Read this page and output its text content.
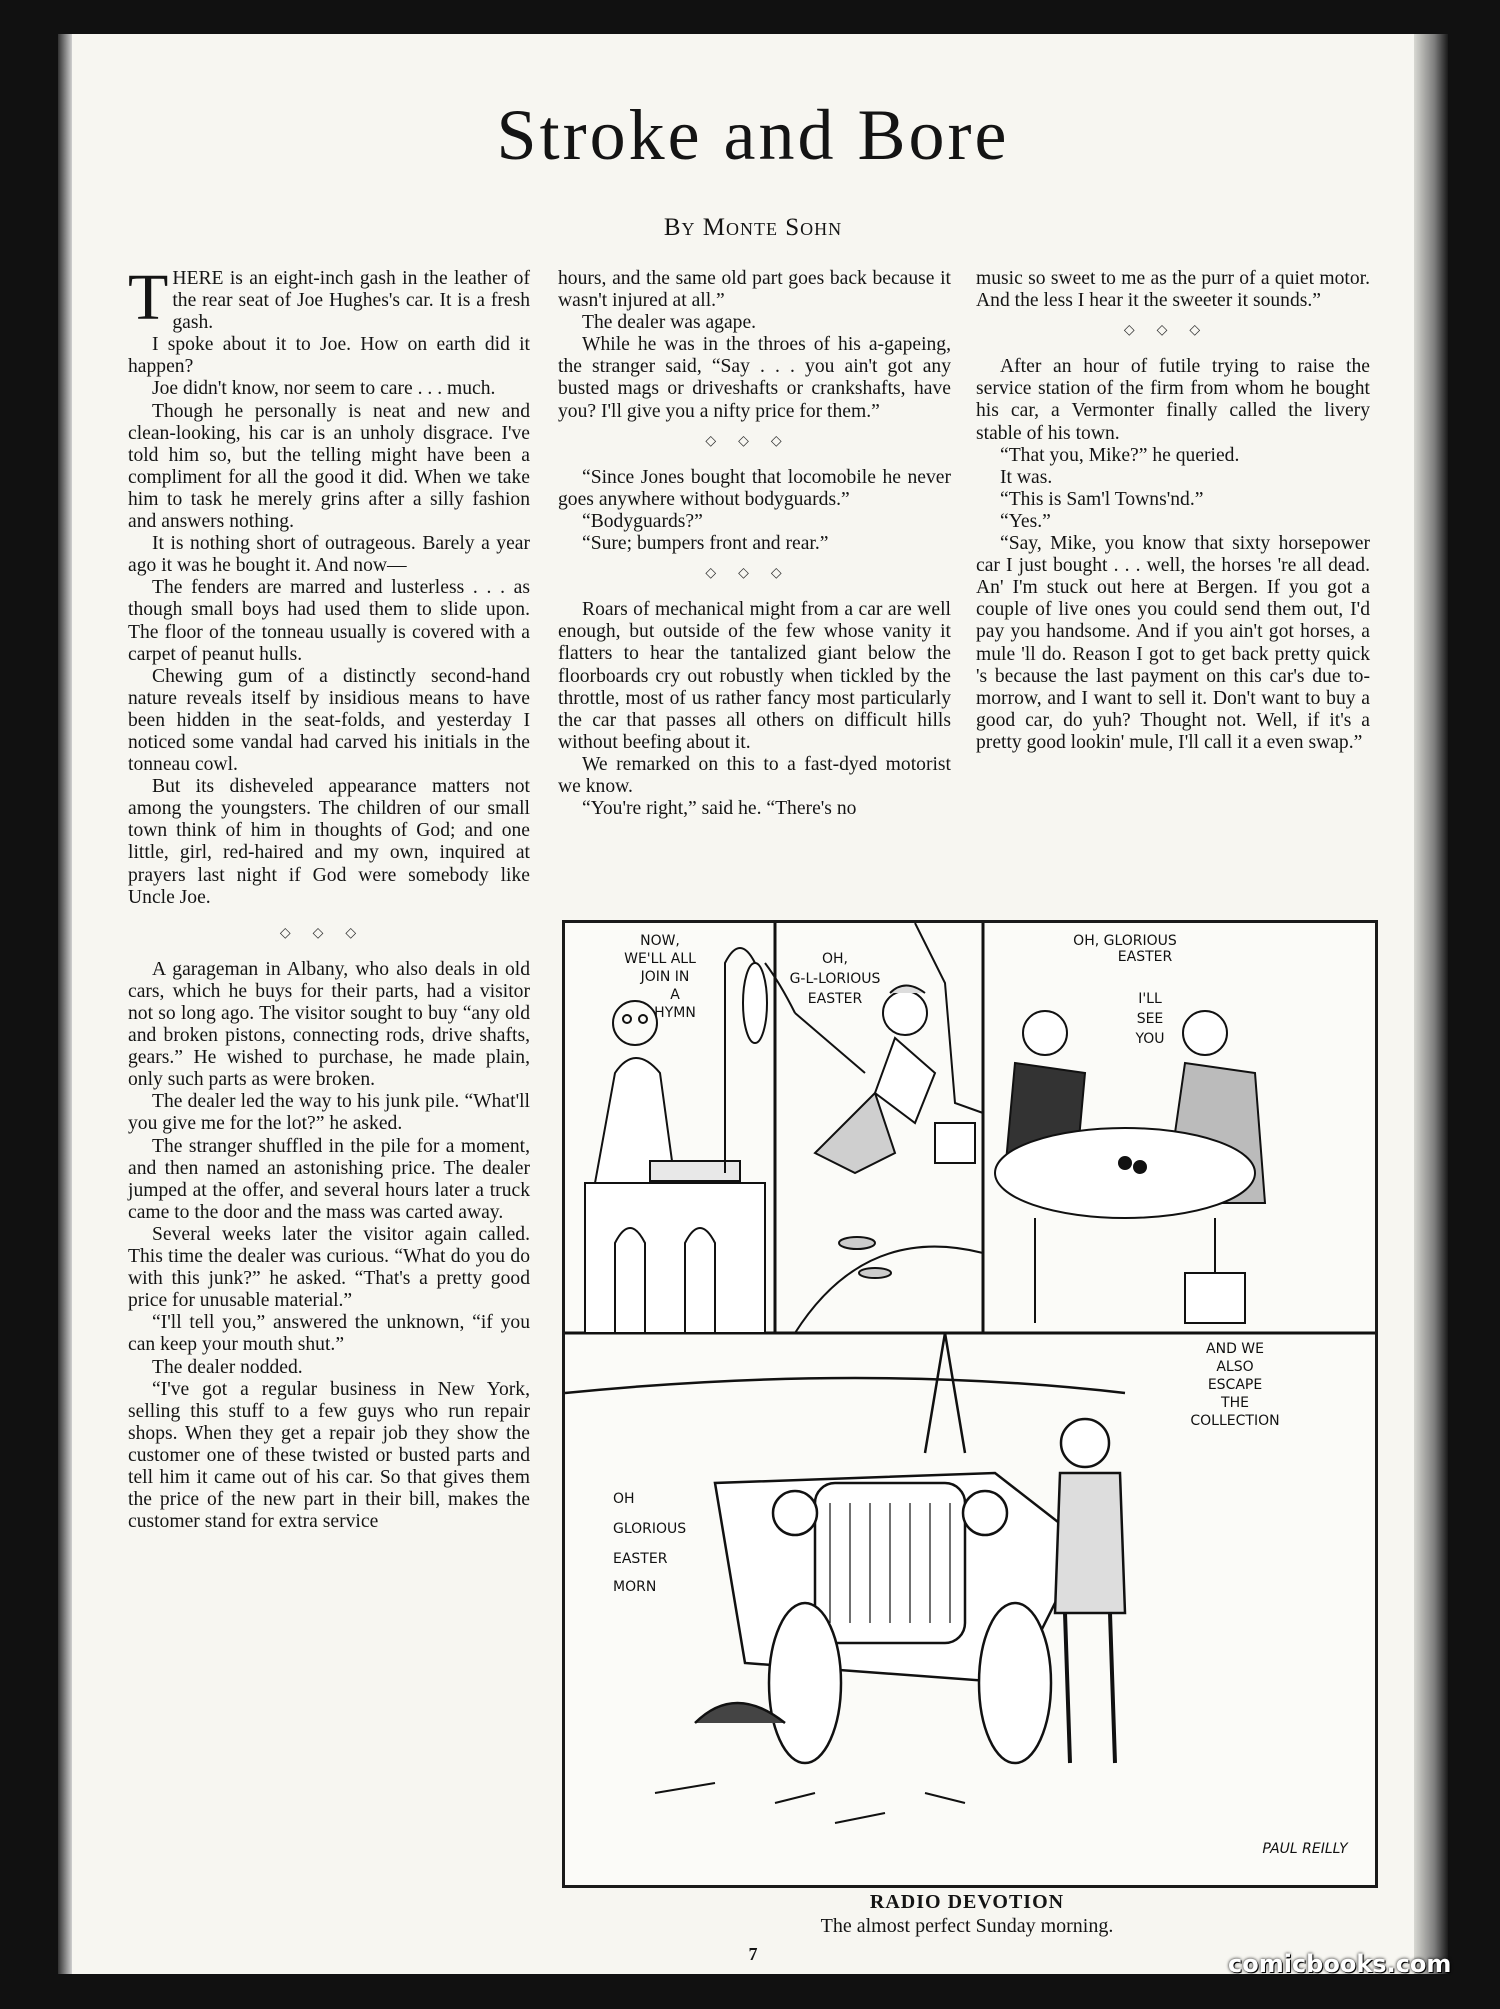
Stroke and Bore
By Monte Sohn

THERE is an eight-inch gash in the leather of the rear seat of Joe Hughes's car. It is a fresh gash.

I spoke about it to Joe. How on earth did it happen?

Joe didn't know, nor seem to care . . . much.

Though he personally is neat and new and clean-looking, his car is an unholy disgrace. I've told him so, but the telling might have been a compliment for all the good it did. When we take him to task he merely grins after a silly fashion and answers nothing.

It is nothing short of outrageous. Barely a year ago it was he bought it. And now—

The fenders are marred and lusterless . . . as though small boys had used them to slide upon. The floor of the tonneau usually is covered with a carpet of peanut hulls.

Chewing gum of a distinctly second-hand nature reveals itself by insidious means to have been hidden in the seat-folds, and yesterday I noticed some vandal had carved his initials in the tonneau cowl.

But its disheveled appearance matters not among the youngsters. The children of our small town think of him in thoughts of God; and one little, girl, red-haired and my own, inquired at prayers last night if God were somebody like Uncle Joe.

◇◇◇

A garageman in Albany, who also deals in old cars, which he buys for their parts, had a visitor not so long ago. The visitor sought to buy “any old and broken pistons, connecting rods, drive shafts, gears.” He wished to purchase, he made plain, only such parts as were broken.

The dealer led the way to his junk pile. “What'll you give me for the lot?” he asked.

The stranger shuffled in the pile for a moment, and then named an astonishing price. The dealer jumped at the offer, and several hours later a truck came to the door and the mass was carted away.

Several weeks later the visitor again called. This time the dealer was curious. “What do you do with this junk?” he asked. “That's a pretty good price for unusable material.”

“I'll tell you,” answered the unknown, “if you can keep your mouth shut.”

The dealer nodded.

“I've got a regular business in New York, selling this stuff to a few guys who run repair shops. When they get a repair job they show the customer one of these twisted or busted parts and tell him it came out of his car. So that gives them the price of the new part in their bill, makes the customer stand for extra service

hours, and the same old part goes back because it wasn't injured at all.”

The dealer was agape.

While he was in the throes of his a-gapeing, the stranger said, “Say . . . you ain't got any busted mags or driveshafts or crankshafts, have you? I'll give you a nifty price for them.”

◇◇◇

“Since Jones bought that locomobile he never goes anywhere without bodyguards.”

“Bodyguards?”

“Sure; bumpers front and rear.”

◇◇◇

Roars of mechanical might from a car are well enough, but outside of the few whose vanity it flatters to hear the tantalized giant below the floorboards cry out robustly when tickled by the throttle, most of us rather fancy most particularly the car that passes all others on difficult hills without beefing about it.

We remarked on this to a fast-dyed motorist we know.

“You're right,” said he. “There's no

music so sweet to me as the purr of a quiet motor. And the less I hear it the sweeter it sounds.”

◇◇◇

After an hour of futile trying to raise the service station of the firm from whom he bought his car, a Vermonter finally called the livery stable of his town.

“That you, Mike?” he queried.

It was.

“This is Sam'l Towns'nd.”

“Yes.”

“Say, Mike, you know that sixty horsepower car I just bought . . . well, the horses 're all dead. An' I'm stuck out here at Bergen. If you got a couple of live ones you could send them out, I'd pay you handsome. And if you ain't got horses, a mule 'll do. Reason I got to get back pretty quick 's because the last payment on this car's due to-morrow, and I want to sell it. Don't want to buy a good car, do yuh? Thought not. Well, if it's a pretty good lookin' mule, I'll call it a even swap.”

NOW,
WE'LL ALL
JOIN IN
A
HYMN
OH,
G-L-LORIOUS
EASTER
OH, GLORIOUS
EASTER
I'LL
SEE
YOU
OH
GLORIOUS
EASTER
MORN
AND WE
ALSO
ESCAPE
THE
COLLECTION
PAUL REILLY
RADIO DEVOTION
The almost perfect Sunday morning.
7	comicbooks.com
